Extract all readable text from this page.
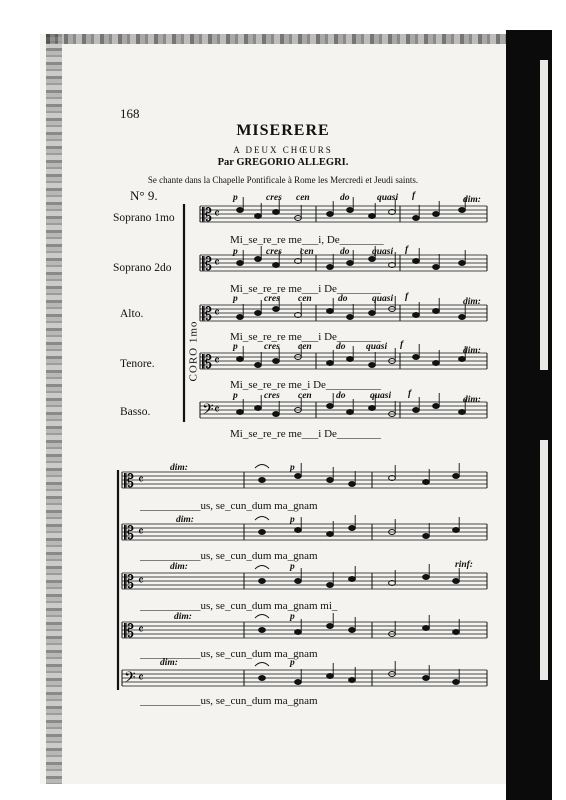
168
MISERERE
A DEUX CHŒURS
Par GREGORIO ALLEGRI.
Se chante dans la Chapelle Pontificale à Rome les Mercredi et Jeudi saints.
N° 9.
Soprano 1mo
Soprano 2do
Alto.
Tenore.
Basso.
CORO 1mo
Mi_se_re_re me___i, De________
Mi_se_re_re me___i De________
Mi_se_re_re me___i De________
Mi_se_re_re me_i De__________
Mi_se_re_re me___i De________
p	cres cen	do	quasi f	dim:
p	cres cen	do quasi f
p	cres cen	do	quasi f	dim:
p	cres cen	do quasi f
dim:
p	cres cen	do	quasi f
dim:
___________us, se_cun_dum ma_gnam
___________us, se_cun_dum ma_gnam
___________us, se_cun_dum ma_gnam mi_
___________us, se_cun_dum ma_gnam
___________us, se_cun_dum ma_gnam
dim:	p
dim:	p
dim:	p	rinf:
dim:	p
dim:	p
𝄡 𝄴
𝄡 𝄴
𝄡 𝄴
𝄡 𝄴
𝄢 𝄴
𝄡 𝄴
𝄡 𝄴
𝄡 𝄴
𝄡 𝄴
𝄢 𝄴
